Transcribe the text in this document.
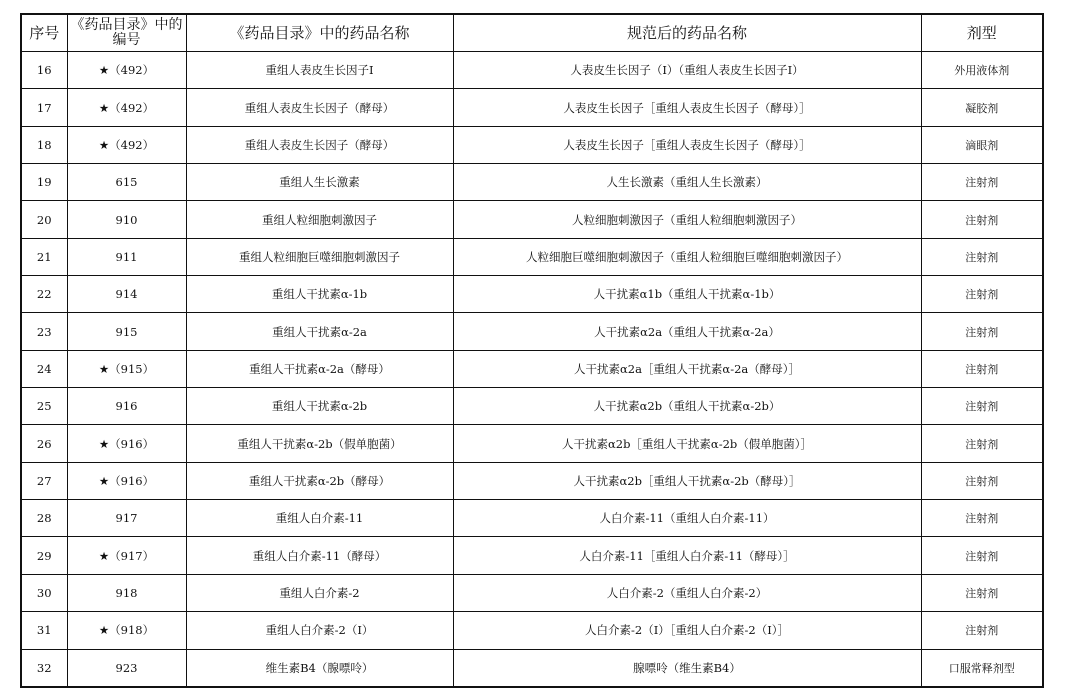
序号	《药品目录》中的编号	《药品目录》中的药品名称	规范后的药品名称	剂型
16	★（492）	重组人表皮生长因子Ⅰ	人表皮生长因子（Ⅰ）（重组人表皮生长因子Ⅰ）	外用液体剂
17	★（492）	重组人表皮生长因子（酵母）	人表皮生长因子［重组人表皮生长因子（酵母）］	凝胶剂
18	★（492）	重组人表皮生长因子（酵母）	人表皮生长因子［重组人表皮生长因子（酵母）］	滴眼剂
19	615	重组人生长激素	人生长激素（重组人生长激素）	注射剂
20	910	重组人粒细胞刺激因子	人粒细胞刺激因子（重组人粒细胞刺激因子）	注射剂
21	911	重组人粒细胞巨噬细胞刺激因子	人粒细胞巨噬细胞刺激因子（重组人粒细胞巨噬细胞刺激因子）	注射剂
22	914	重组人干扰素α-1b	人干扰素α1b（重组人干扰素α-1b）	注射剂
23	915	重组人干扰素α-2a	人干扰素α2a（重组人干扰素α-2a）	注射剂
24	★（915）	重组人干扰素α-2a（酵母）	人干扰素α2a［重组人干扰素α-2a（酵母）］	注射剂
25	916	重组人干扰素α-2b	人干扰素α2b（重组人干扰素α-2b）	注射剂
26	★（916）	重组人干扰素α-2b（假单胞菌）	人干扰素α2b［重组人干扰素α-2b（假单胞菌）］	注射剂
27	★（916）	重组人干扰素α-2b（酵母）	人干扰素α2b［重组人干扰素α-2b（酵母）］	注射剂
28	917	重组人白介素-11	人白介素-11（重组人白介素-11）	注射剂
29	★（917）	重组人白介素-11（酵母）	人白介素-11［重组人白介素-11（酵母）］	注射剂
30	918	重组人白介素-2	人白介素-2（重组人白介素-2）	注射剂
31	★（918）	重组人白介素-2（Ⅰ）	人白介素-2（Ⅰ）［重组人白介素-2（Ⅰ）］	注射剂
32	923	维生素B4（腺嘌呤）	腺嘌呤（维生素B4）	口服常释剂型
